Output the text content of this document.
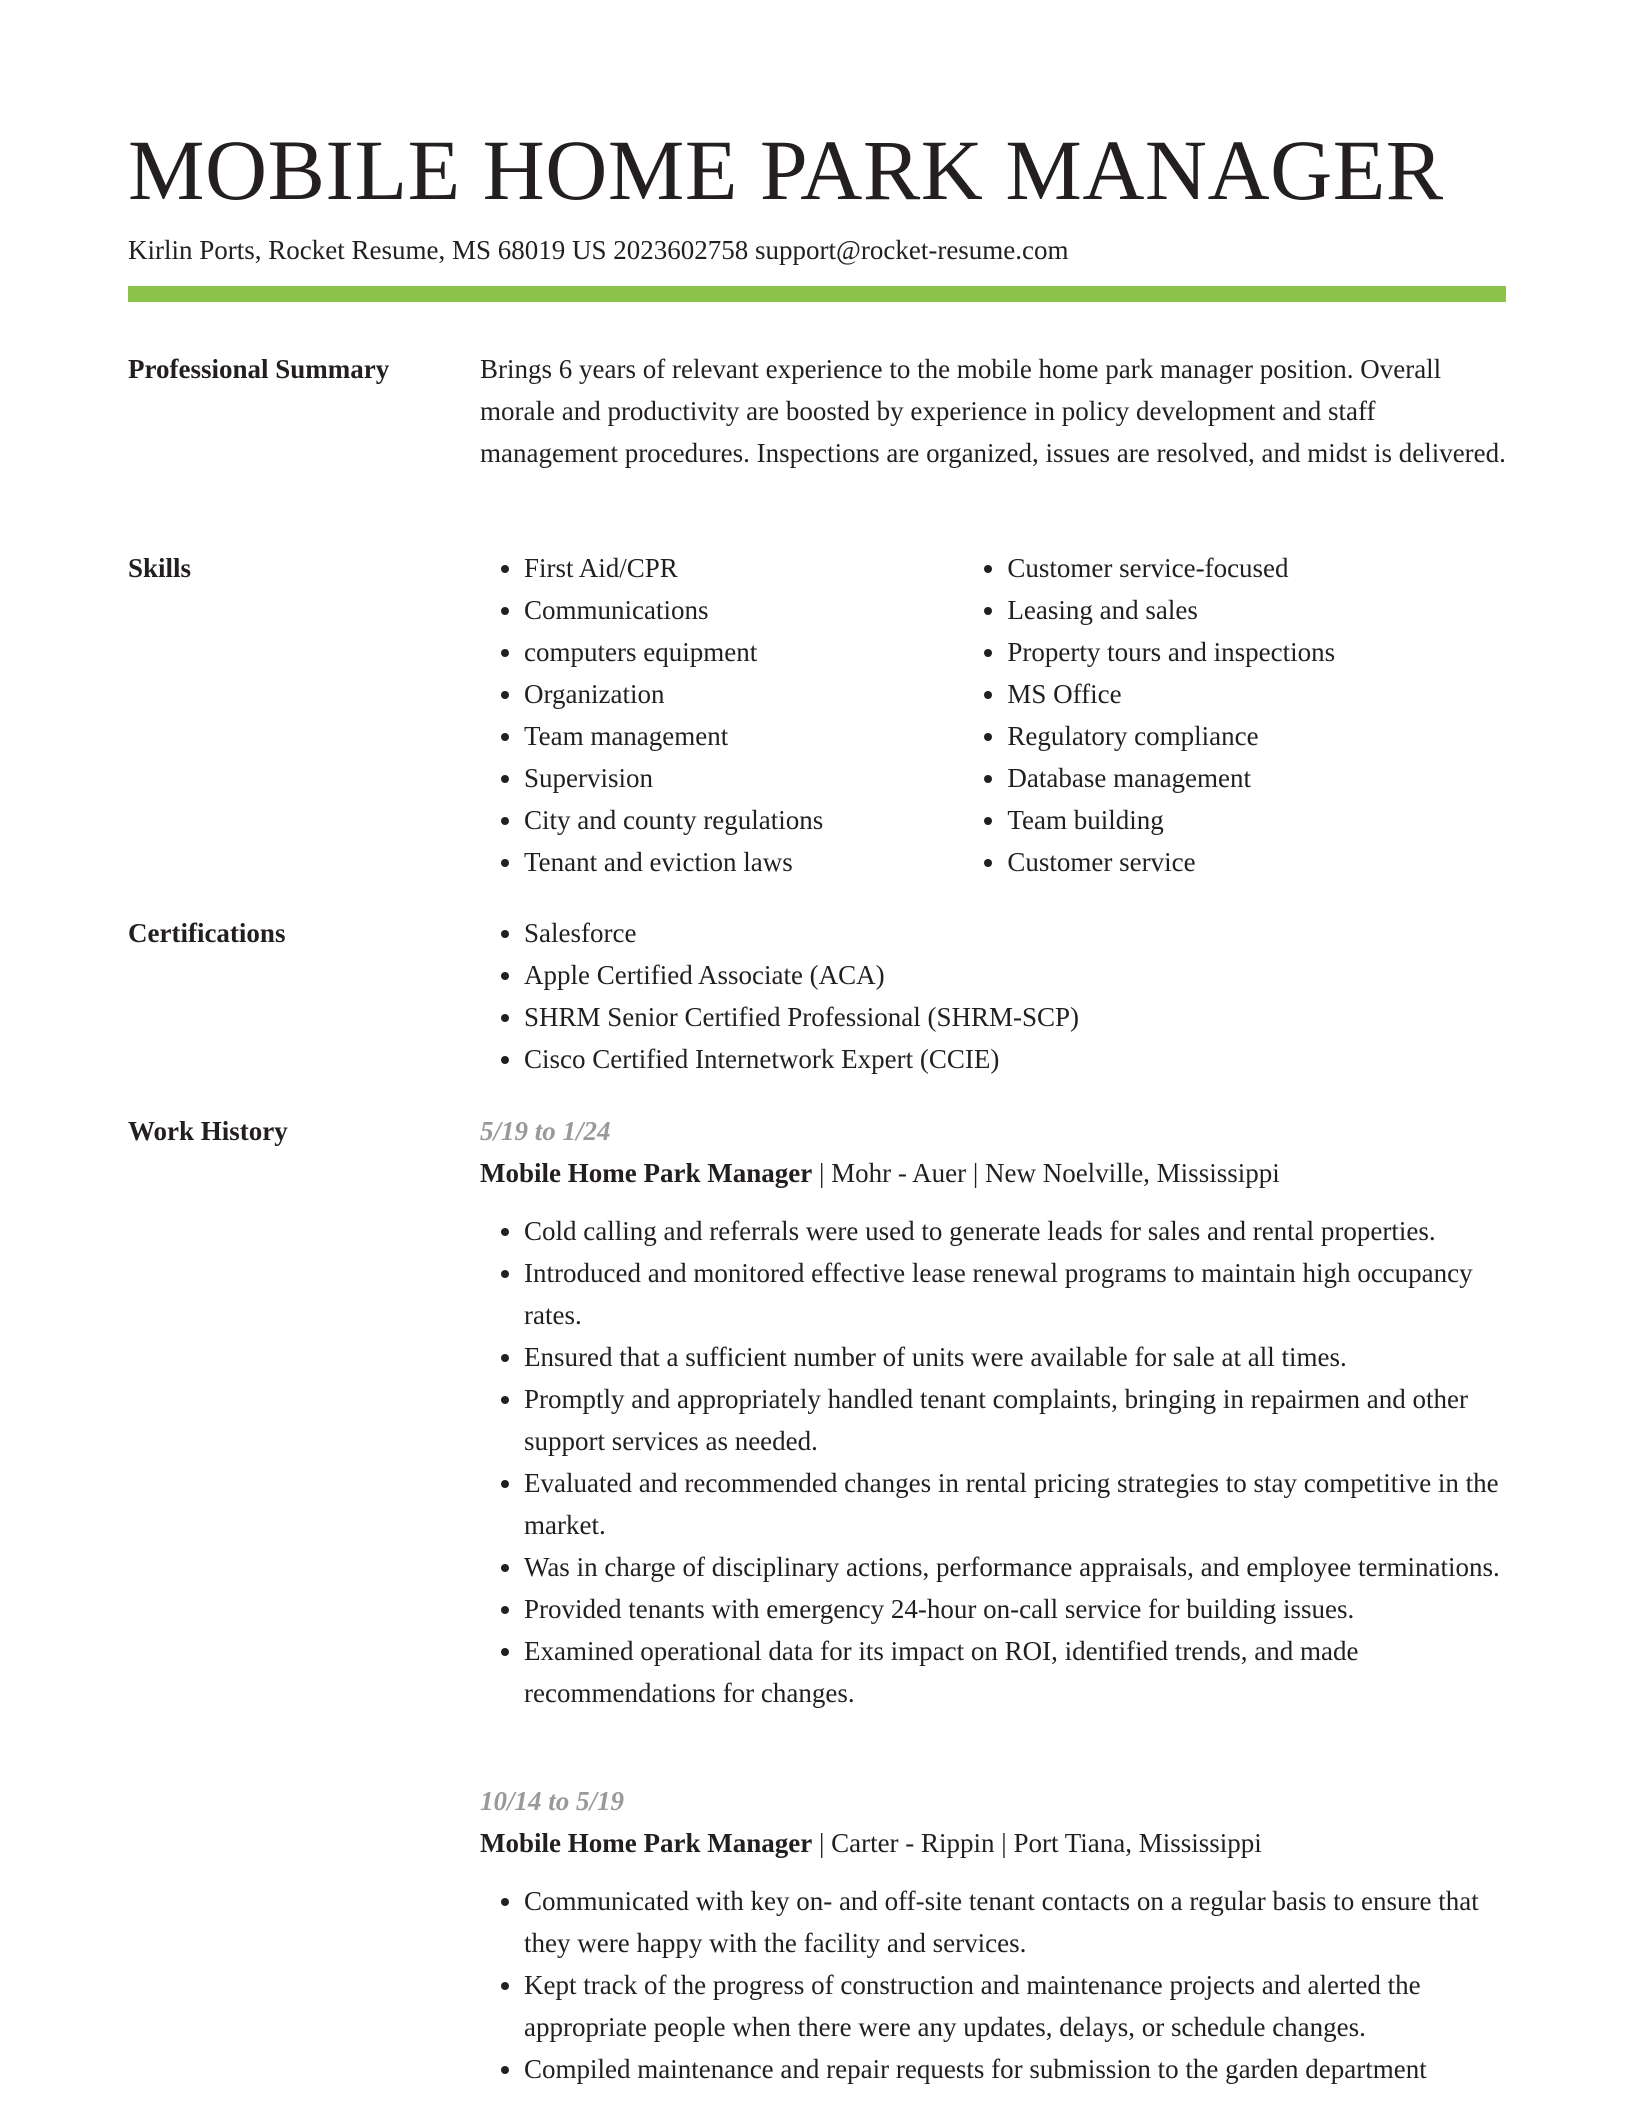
MOBILE HOME PARK MANAGER
Kirlin Ports, Rocket Resume, MS 68019 US 2023602758 support@rocket-resume.com
Professional Summary	Brings 6 years of relevant experience to the mobile home park manager position. Overall morale and productivity are boosted by experience in policy development and staff management procedures. Inspections are organized, issues are resolved, and midst is delivered.

Skills	• First Aid/CPR
• Communications
• computers equipment
• Organization
• Team management
• Supervision
• City and county regulations
• Tenant and eviction laws
• Customer service-focused
• Leasing and sales
• Property tours and inspections
• MS Office
• Regulatory compliance
• Database management
• Team building
• Customer service
Certifications	• Salesforce
• Apple Certified Associate (ACA)
• SHRM Senior Certified Professional (SHRM-SCP)
• Cisco Certified Internetwork Expert (CCIE)
Work History	5/19 to 1/24
Mobile Home Park Manager | Mohr - Auer | New Noelville, Mississippi
• Cold calling and referrals were used to generate leads for sales and rental properties.
• Introduced and monitored effective lease renewal programs to maintain high occupancy rates.
• Ensured that a sufficient number of units were available for sale at all times.
• Promptly and appropriately handled tenant complaints, bringing in repairmen and other support services as needed.
• Evaluated and recommended changes in rental pricing strategies to stay competitive in the market.
• Was in charge of disciplinary actions, performance appraisals, and employee terminations.
• Provided tenants with emergency 24-hour on-call service for building issues.
• Examined operational data for its impact on ROI, identified trends, and made recommendations for changes.
10/14 to 5/19
Mobile Home Park Manager | Carter - Rippin | Port Tiana, Mississippi
• Communicated with key on- and off-site tenant contacts on a regular basis to ensure that they were happy with the facility and services.
• Kept track of the progress of construction and maintenance projects and alerted the appropriate people when there were any updates, delays, or schedule changes.
• Compiled maintenance and repair requests for submission to the garden department
